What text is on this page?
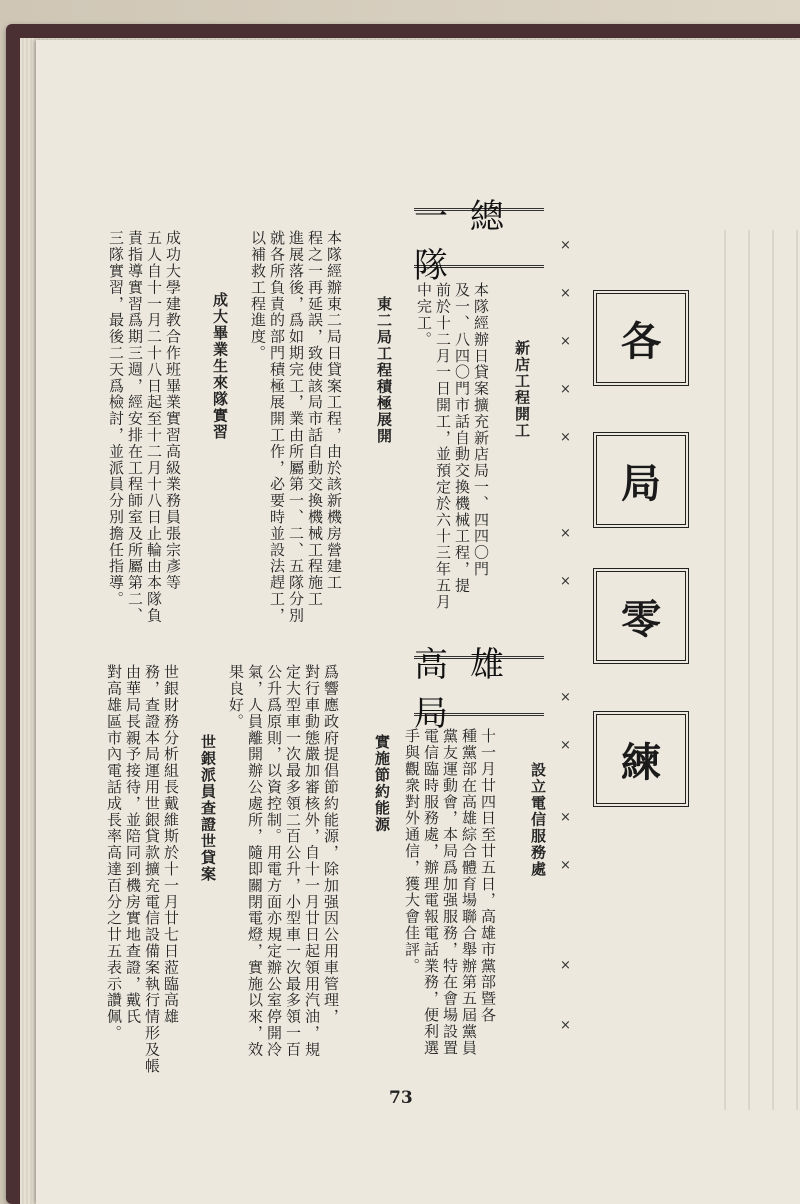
各
局
零
練
×
×
×
×
×
×
×
×
×
×
×
×
×
一總隊
高雄局
新店工程開工
本隊經辦日貸案擴充新店局一、四四〇門
及一、八四〇門市話自動交換機械工程，提
前於十二月一日開工，並預定於六十三年五月
中完工。
東二局工程積極展開
本隊經辦東二局日貸案工程，由於該新機房營建工
程之一再延誤，致使該局市話自動交換機械工程施工
進展落後，爲如期完工，業由所屬第一、二、五隊分別
就各所負責的部門積極展開工作，必要時並設法趕工，
以補救工程進度。
成大畢業生來隊實習
成功大學建教合作班畢業實習高級業務員張宗彥等
五人自十一月二十八日起至十二月十八日止輪由本隊負
責指導實習爲期三週，經安排在工程師室及所屬第二、
三隊實習，最後二天爲檢討，並派員分別擔任指導。
設立電信服務處
十一月廿四日至廿五日，高雄市黨部暨各
種黨部在高雄綜合體育場聯合舉辦第五屆黨員
黨友運動會，本局爲加强服務，特在會場設置
電信臨時服務處，辦理電報電話業務，便利選
手與觀衆對外通信，獲大會佳評。
實施節約能源
爲響應政府提倡節約能源，除加强因公用車管理，
對行車動態嚴加審核外，自十一月廿日起領用汽油，規
定大型車一次最多領二百公升，小型車一次最多領一百
公升爲原則，以資控制。用電方面亦規定辦公室停開冷
氣，人員離開辦公處所，隨即關閉電燈，實施以來，效
果良好。
世銀派員查證世貸案
世銀財務分析組長戴維斯於十一月廿七日蒞臨高雄
務，查證本局運用世銀貸款擴充電信設備案執行情形及帳
由華局長親予接待，並陪同到機房實地查證，戴氏
對高雄區市內電話成長率高達百分之廿五表示讚佩。
73
